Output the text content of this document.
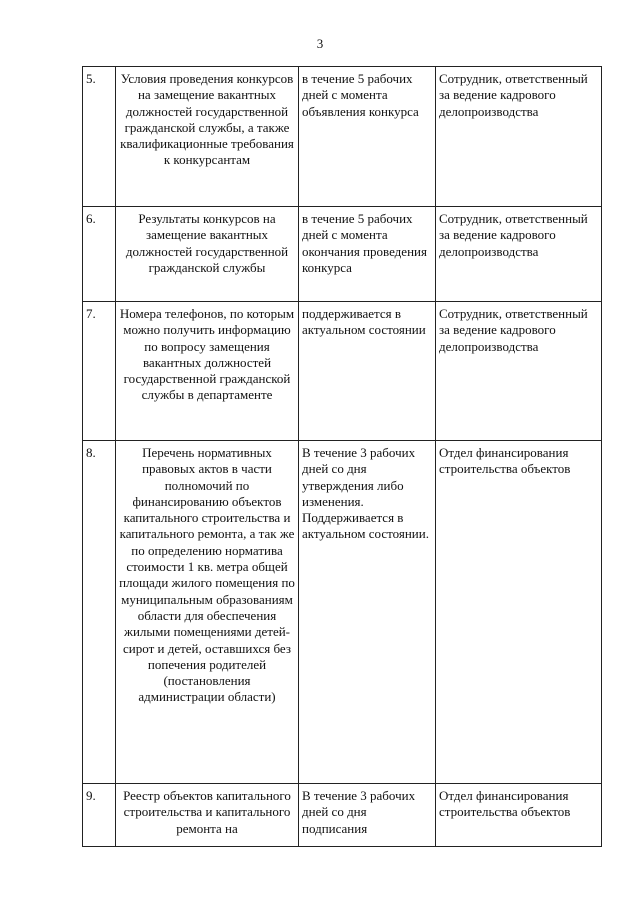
3
5.	Условия проведения конкурсов на замещение вакантных должностей государственной гражданской службы, а также квалификационные требования к конкурсантам	в течение 5 рабочих дней с момента объявления конкурса	Сотрудник, ответственный за ведение кадрового делопроизводства
6.	Результаты конкурсов на замещение вакантных должностей государственной гражданской службы	в течение 5 рабочих дней с момента окончания проведения конкурса	Сотрудник, ответственный за ведение кадрового делопроизводства
7.	Номера телефонов, по которым можно получить информацию по вопросу замещения вакантных должностей государственной гражданской службы в департаменте	поддерживается в актуальном состоянии	Сотрудник, ответственный за ведение кадрового делопроизводства
8.	Перечень нормативных правовых актов в части полномочий по финансированию объектов капитального строительства и капитального ремонта, а так же по определению норматива стоимости 1 кв. метра общей площади жилого помещения по муниципальным образованиям области для обеспечения жилыми помещениями детей-сирот и детей, оставшихся без попечения родителей (постановления администрации области)	В течение 3 рабочих дней со дня утверждения либо изменения. Поддерживается в актуальном состоянии.	Отдел финансирования строительства объектов
9.	Реестр объектов капитального строительства и капитального ремонта на	В течение 3 рабочих дней со дня подписания	Отдел финансирования строительства объектов
